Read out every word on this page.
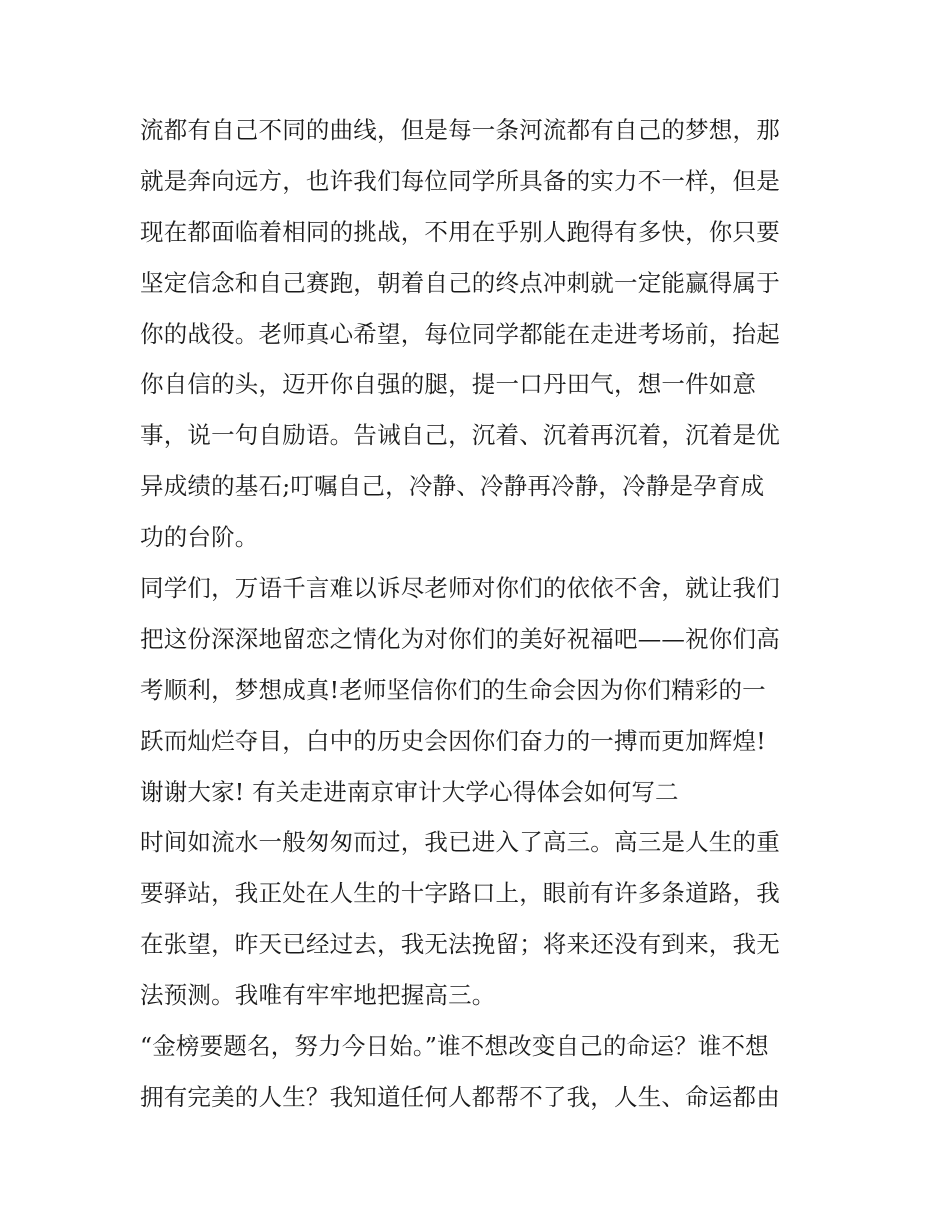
流都有自己不同的曲线，但是每一条河流都有自己的梦想，那
就是奔向远方，也许我们每位同学所具备的实力不一样，但是
现在都面临着相同的挑战，不用在乎别人跑得有多快，你只要
坚定信念和自己赛跑，朝着自己的终点冲刺就一定能赢得属于
你的战役。老师真心希望，每位同学都能在走进考场前，抬起
你自信的头，迈开你自强的腿，提一口丹田气，想一件如意
事，说一句自励语。告诫自己，沉着、沉着再沉着，沉着是优
异成绩的基石;叮嘱自己，冷静、冷静再冷静，冷静是孕育成
功的台阶。
同学们，万语千言难以诉尽老师对你们的依依不舍，就让我们
把这份深深地留恋之情化为对你们的美好祝福吧——祝你们高
考顺利，梦想成真!老师坚信你们的生命会因为你们精彩的一
跃而灿烂夺目，白中的历史会因你们奋力的一搏而更加辉煌!
谢谢大家! 有关走进南京审计大学心得体会如何写二
时间如流水一般匆匆而过，我已进入了高三。高三是人生的重
要驿站，我正处在人生的十字路口上，眼前有许多条道路，我
在张望，昨天已经过去，我无法挽留；将来还没有到来，我无
法预测。我唯有牢牢地把握高三。
“金榜要题名，努力今日始。”谁不想改变自己的命运？谁不想
拥有完美的人生？我知道任何人都帮不了我，人生、命运都由
